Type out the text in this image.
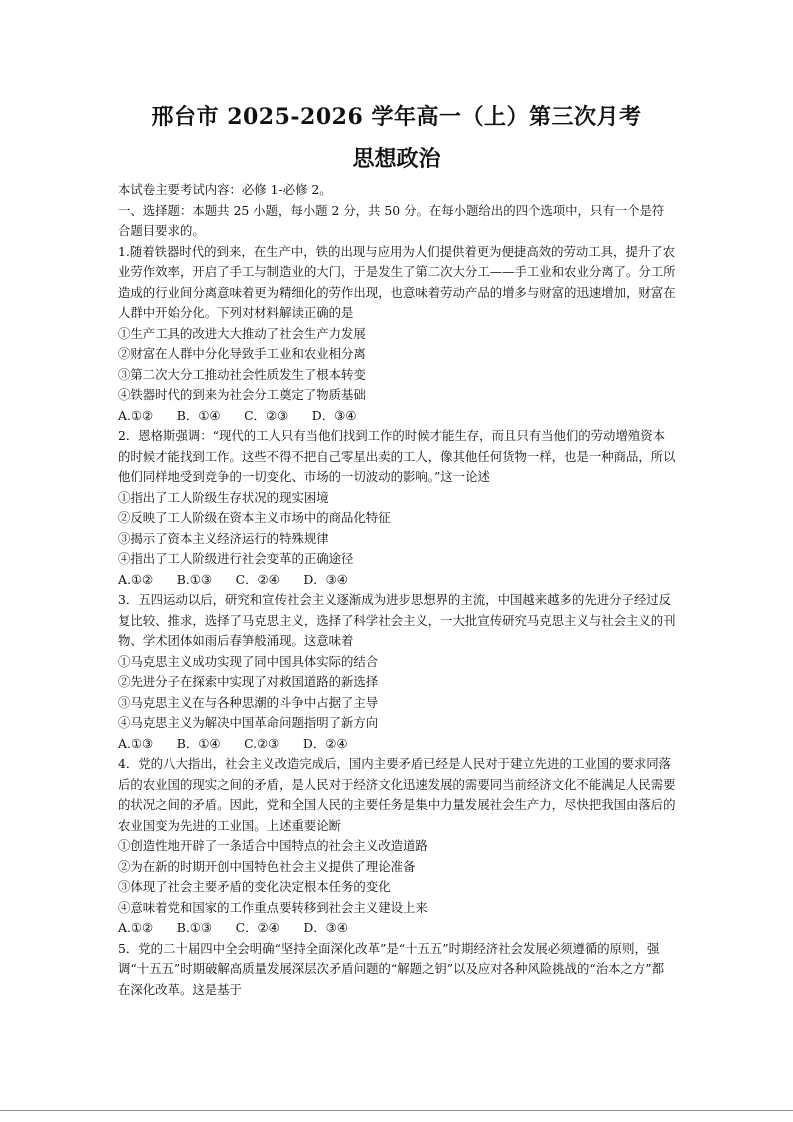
邢台市 2025-2026 学年高一（上）第三次月考
思想政治

本试卷主要考试内容：必修 1-必修 2。

一、选择题：本题共 25 小题，每小题 2 分，共 50 分。在每小题给出的四个选项中，只有一个是符合题目要求的。

1.随着铁器时代的到来，在生产中，铁的出现与应用为人们提供着更为便捷高效的劳动工具，提升了农业劳作效率，开启了手工与制造业的大门，于是发生了第二次大分工——手工业和农业分离了。分工所造成的行业间分离意味着更为精细化的劳作出现，也意味着劳动产品的增多与财富的迅速增加，财富在人群中开始分化。下列对材料解读正确的是

①生产工具的改进大大推动了社会生产力发展

②财富在人群中分化导致手工业和农业相分离

③第二次大分工推动社会性质发生了根本转变

④铁器时代的到来为社会分工奠定了物质基础

A.①②      B．①④      C．②③      D．③④

2．恩格斯强调：“现代的工人只有当他们找到工作的时候才能生存，而且只有当他们的劳动增殖资本的时候才能找到工作。这些不得不把自己零星出卖的工人，像其他任何货物一样，也是一种商品，所以他们同样地受到竞争的一切变化、市场的一切波动的影响。”这一论述

①指出了工人阶级生存状况的现实困境

②反映了工人阶级在资本主义市场中的商品化特征

③揭示了资本主义经济运行的特殊规律

④指出了工人阶级进行社会变革的正确途径

A.①②      B.①③      C．②④      D．③④

3．五四运动以后，研究和宣传社会主义逐渐成为进步思想界的主流，中国越来越多的先进分子经过反复比较、推求，选择了马克思主义，选择了科学社会主义，一大批宣传研究马克思主义与社会主义的刊物、学术团体如雨后春笋般涌现。这意味着

①马克思主义成功实现了同中国具体实际的结合

②先进分子在探索中实现了对救国道路的新选择

③马克思主义在与各种思潮的斗争中占据了主导

④马克思主义为解决中国革命问题指明了新方向

A.①③      B．①④      C.②③      D．②④

4．党的八大指出，社会主义改造完成后，国内主要矛盾已经是人民对于建立先进的工业国的要求同落后的农业国的现实之间的矛盾，是人民对于经济文化迅速发展的需要同当前经济文化不能满足人民需要的状况之间的矛盾。因此，党和全国人民的主要任务是集中力量发展社会生产力，尽快把我国由落后的农业国变为先进的工业国。上述重要论断

①创造性地开辟了一条适合中国特点的社会主义改造道路

②为在新的时期开创中国特色社会主义提供了理论准备

③体现了社会主要矛盾的变化决定根本任务的变化

④意味着党和国家的工作重点要转移到社会主义建设上来

A.①②      B.①③      C．②④      D．③④

5．党的二十届四中全会明确“坚持全面深化改革”是“十五五”时期经济社会发展必须遵循的原则，强调“十五五”时期破解高质量发展深层次矛盾问题的“解题之钥”以及应对各种风险挑战的“治本之方”都在深化改革。这是基于
